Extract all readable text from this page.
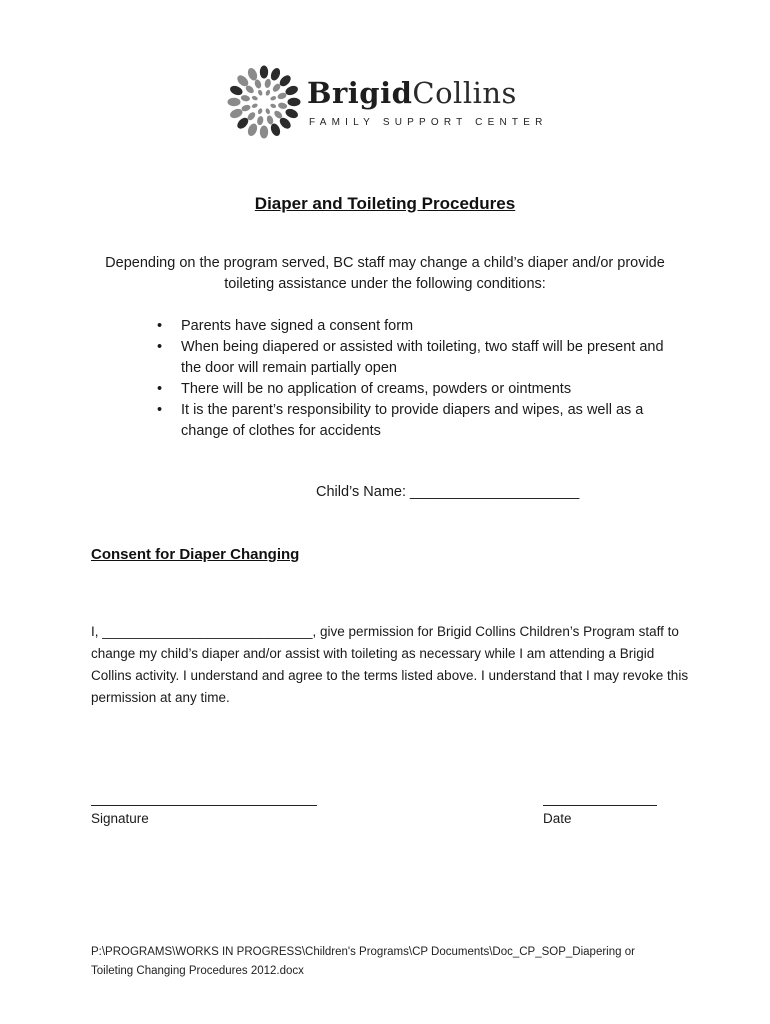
BrigidCollins
FAMILY SUPPORT CENTER
Diaper and Toileting Procedures
Depending on the program served, BC staff may change a child’s diaper and/or provide toileting assistance under the following conditions:
• Parents have signed a consent form
• When being diapered or assisted with toileting, two staff will be present and the door will remain partially open
• There will be no application of creams, powders or ointments
• It is the parent’s responsibility to provide diapers and wipes, as well as a change of clothes for accidents
Child’s Name: _____________________
Consent for Diaper Changing

I, ____________________________, give permission for Brigid Collins Children’s Program staff to change my child’s diaper and/or assist with toileting as necessary while I am attending a Brigid Collins activity. I understand and agree to the terms listed above. I understand that I may revoke this permission at any time.

Signature	Date
P:\PROGRAMS\WORKS IN PROGRESS\Children's Programs\CP Documents\Doc_CP_SOP_Diapering or
Toileting Changing Procedures 2012.docx
